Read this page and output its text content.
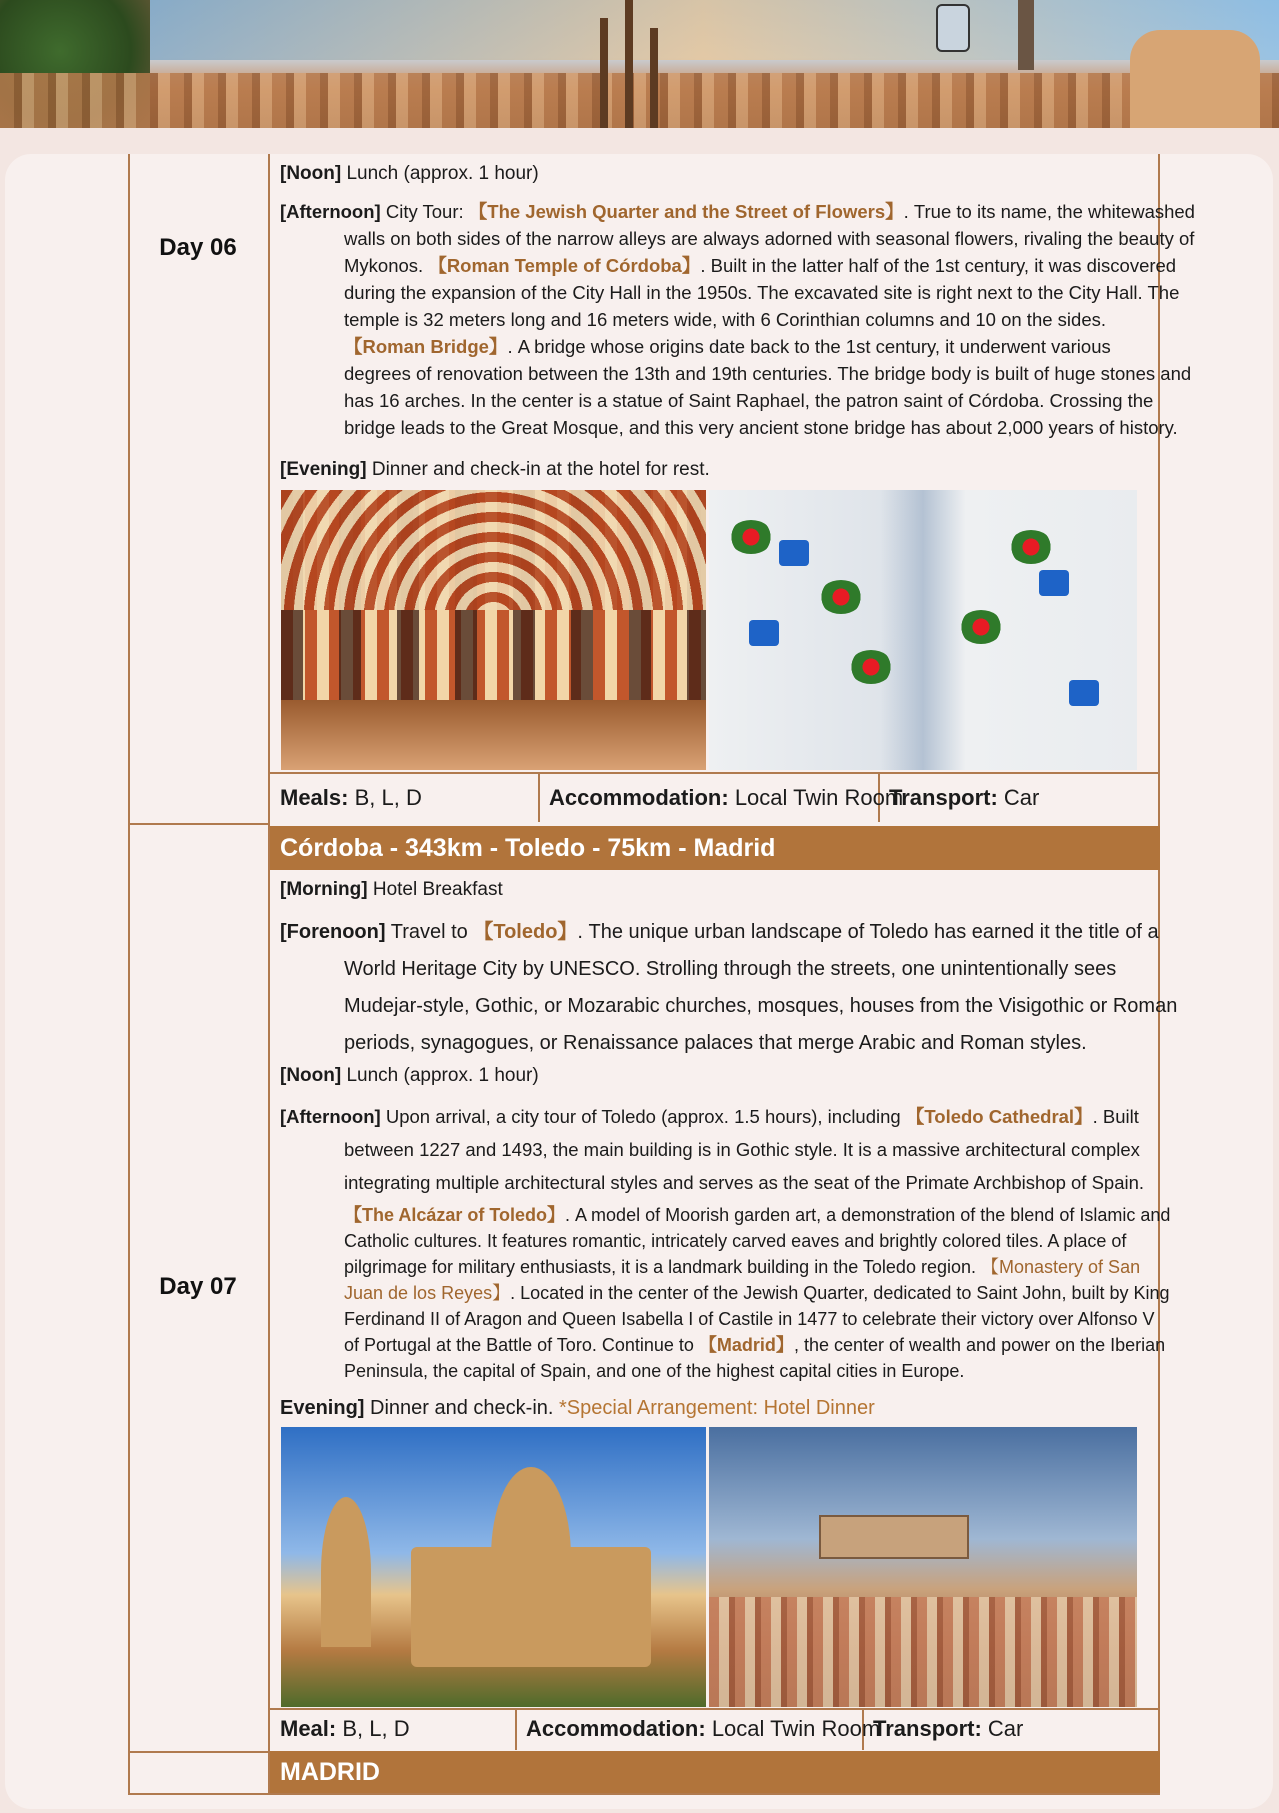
Day 06
[Noon] Lunch (approx. 1 hour)
[Afternoon] City Tour: 【The Jewish Quarter and the Street of Flowers】. True to its name, the whitewashed
walls on both sides of the narrow alleys are always adorned with seasonal flowers, rivaling the beauty of
Mykonos. 【Roman Temple of Córdoba】. Built in the latter half of the 1st century, it was discovered
during the expansion of the City Hall in the 1950s. The excavated site is right next to the City Hall. The
temple is 32 meters long and 16 meters wide, with 6 Corinthian columns and 10 on the sides.
【Roman Bridge】. A bridge whose origins date back to the 1st century, it underwent various
degrees of renovation between the 13th and 19th centuries. The bridge body is built of huge stones and
has 16 arches. In the center is a statue of Saint Raphael, the patron saint of Córdoba. Crossing the
bridge leads to the Great Mosque, and this very ancient stone bridge has about 2,000 years of history.
[Evening] Dinner and check-in at the hotel for rest.
Meals: B, L, D	Accommodation: Local Twin Room
Transport: Car
Córdoba - 343km - Toledo - 75km - Madrid
Day 07
[Morning] Hotel Breakfast
[Forenoon] Travel to 【Toledo】. The unique urban landscape of Toledo has earned it the title of a
World Heritage City by UNESCO. Strolling through the streets, one unintentionally sees
Mudejar-style, Gothic, or Mozarabic churches, mosques, houses from the Visigothic or Roman
periods, synagogues, or Renaissance palaces that merge Arabic and Roman styles.
[Noon] Lunch (approx. 1 hour)
[Afternoon] Upon arrival, a city tour of Toledo (approx. 1.5 hours), including 【Toledo Cathedral】. Built
between 1227 and 1493, the main building is in Gothic style. It is a massive architectural complex
integrating multiple architectural styles and serves as the seat of the Primate Archbishop of Spain.
【The Alcázar of Toledo】. A model of Moorish garden art, a demonstration of the blend of Islamic and
Catholic cultures. It features romantic, intricately carved eaves and brightly colored tiles. A place of
pilgrimage for military enthusiasts, it is a landmark building in the Toledo region. 【Monastery of San
Juan de los Reyes】. Located in the center of the Jewish Quarter, dedicated to Saint John, built by King
Ferdinand II of Aragon and Queen Isabella I of Castile in 1477 to celebrate their victory over Alfonso V
of Portugal at the Battle of Toro. Continue to 【Madrid】, the center of wealth and power on the Iberian
Peninsula, the capital of Spain, and one of the highest capital cities in Europe.
Evening] Dinner and check-in. *Special Arrangement: Hotel Dinner
Meal: B, L, D	Accommodation: Local Twin Room
Transport: Car
MADRID
